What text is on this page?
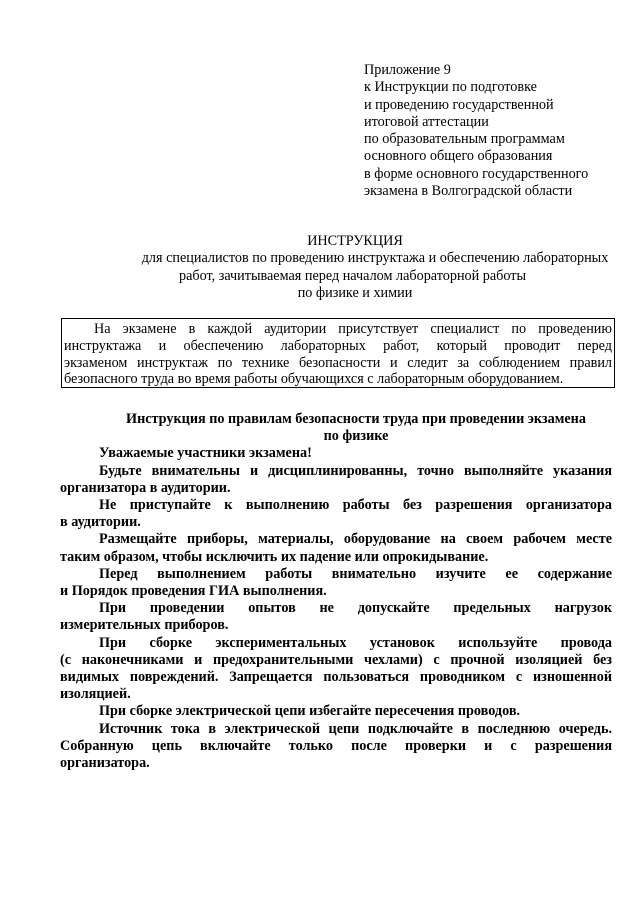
Приложение 9
к Инструкции по подготовке
и проведению государственной
итоговой аттестации
по образовательным программам
основного общего образования
в форме основного государственного
экзамена в Волгоградской области
ИНСТРУКЦИЯ
для специалистов по проведению инструктажа и обеспечению лабораторных
работ, зачитываемая перед началом лабораторной работы
по физике и химии
На экзамене в каждой аудитории присутствует специалист по проведению
инструктажа и обеспечению лабораторных работ, который проводит перед
экзаменом инструктаж по технике безопасности и следит за соблюдением правил
безопасного труда во время работы обучающихся с лабораторным оборудованием.
Инструкция по правилам безопасности труда при проведении экзамена
по физике
Уважаемые участники экзамена!
Будьте внимательны и дисциплинированны, точно выполняйте указания
организатора в аудитории.
Не приступайте к выполнению работы без разрешения организатора
в аудитории.
Размещайте приборы, материалы, оборудование на своем рабочем месте
таким образом, чтобы исключить их падение или опрокидывание.
Перед выполнением работы внимательно изучите ее содержание
и Порядок проведения ГИА выполнения.
При проведении опытов не допускайте предельных нагрузок
измерительных приборов.
При сборке экспериментальных установок используйте провода
(с наконечниками и предохранительными чехлами) с прочной изоляцией без
видимых повреждений. Запрещается пользоваться проводником с изношенной
изоляцией.
При сборке электрической цепи избегайте пересечения проводов.
Источник тока в электрической цепи подключайте в последнюю очередь.
Собранную цепь включайте только после проверки и с разрешения
организатора.
